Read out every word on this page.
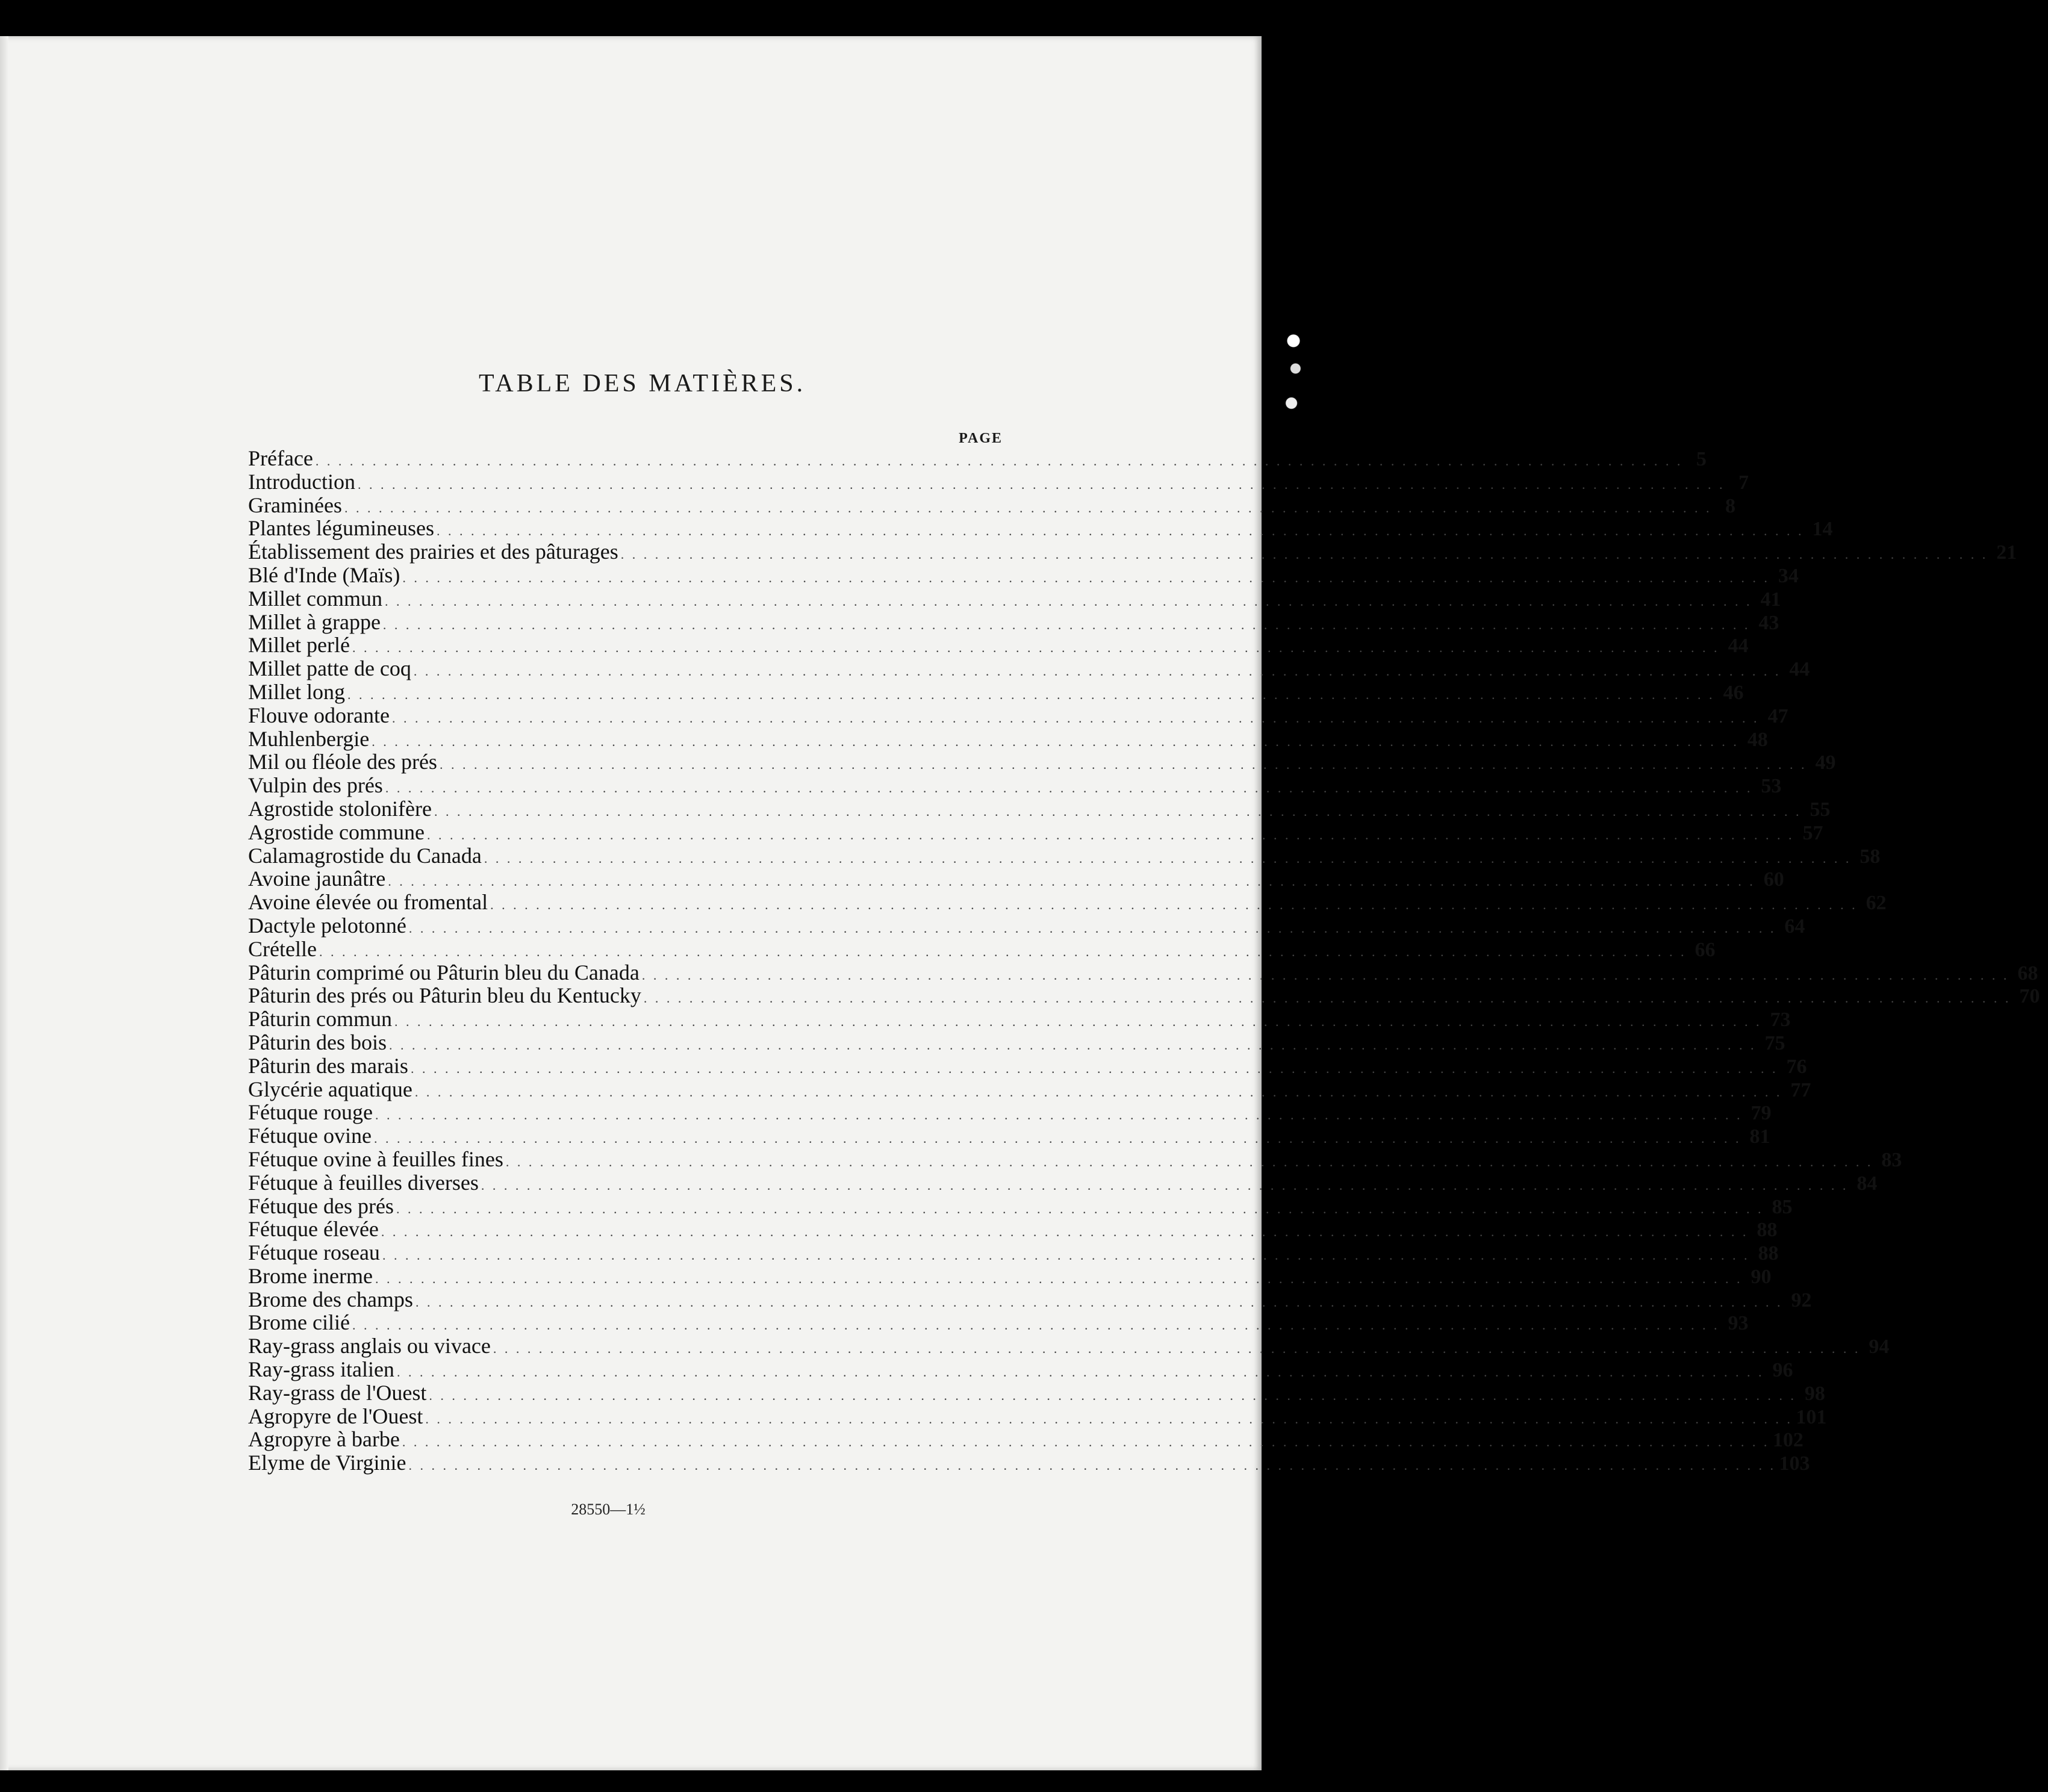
TABLE DES MATIÈRES.
PAGE
Préface . . . . . . . . . . . . . . . . . . . . . . . . . . . . . . . . . . . . . . . . . . . . . . . . . . . . . . . . . . . . . . . . . . . . . . . . . . . . . . . . . . . . . . . . . . . . . . . . . . . . . . . . . . . . . . . . . . . . . . . . 5
Introduction . . . . . . . . . . . . . . . . . . . . . . . . . . . . . . . . . . . . . . . . . . . . . . . . . . . . . . . . . . . . . . . . . . . . . . . . . . . . . . . . . . . . . . . . . . . . . . . . . . . . . . . . . . . . . . . . . . . . . . . . 7
Graminées . . . . . . . . . . . . . . . . . . . . . . . . . . . . . . . . . . . . . . . . . . . . . . . . . . . . . . . . . . . . . . . . . . . . . . . . . . . . . . . . . . . . . . . . . . . . . . . . . . . . . . . . . . . . . . . . . . . . . . . . 8
Plantes légumineuses . . . . . . . . . . . . . . . . . . . . . . . . . . . . . . . . . . . . . . . . . . . . . . . . . . . . . . . . . . . . . . . . . . . . . . . . . . . . . . . . . . . . . . . . . . . . . . . . . . . . . . . . . . . . . . . . . . . . . . . . 14
Établissement des prairies et des pâturages . . . . . . . . . . . . . . . . . . . . . . . . . . . . . . . . . . . . . . . . . . . . . . . . . . . . . . . . . . . . . . . . . . . . . . . . . . . . . . . . . . . . . . . . . . . . . . . . . . . . . . . . . . . . . . . . . . . . . . . . 21
Blé d'Inde (Maïs) . . . . . . . . . . . . . . . . . . . . . . . . . . . . . . . . . . . . . . . . . . . . . . . . . . . . . . . . . . . . . . . . . . . . . . . . . . . . . . . . . . . . . . . . . . . . . . . . . . . . . . . . . . . . . . . . . . . . . . . . 34
Millet commun . . . . . . . . . . . . . . . . . . . . . . . . . . . . . . . . . . . . . . . . . . . . . . . . . . . . . . . . . . . . . . . . . . . . . . . . . . . . . . . . . . . . . . . . . . . . . . . . . . . . . . . . . . . . . . . . . . . . . . . . 41
Millet à grappe . . . . . . . . . . . . . . . . . . . . . . . . . . . . . . . . . . . . . . . . . . . . . . . . . . . . . . . . . . . . . . . . . . . . . . . . . . . . . . . . . . . . . . . . . . . . . . . . . . . . . . . . . . . . . . . . . . . . . . . . 43
Millet perlé . . . . . . . . . . . . . . . . . . . . . . . . . . . . . . . . . . . . . . . . . . . . . . . . . . . . . . . . . . . . . . . . . . . . . . . . . . . . . . . . . . . . . . . . . . . . . . . . . . . . . . . . . . . . . . . . . . . . . . . . 44
Millet patte de coq . . . . . . . . . . . . . . . . . . . . . . . . . . . . . . . . . . . . . . . . . . . . . . . . . . . . . . . . . . . . . . . . . . . . . . . . . . . . . . . . . . . . . . . . . . . . . . . . . . . . . . . . . . . . . . . . . . . . . . . . 44
Millet long . . . . . . . . . . . . . . . . . . . . . . . . . . . . . . . . . . . . . . . . . . . . . . . . . . . . . . . . . . . . . . . . . . . . . . . . . . . . . . . . . . . . . . . . . . . . . . . . . . . . . . . . . . . . . . . . . . . . . . . . 46
Flouve odorante . . . . . . . . . . . . . . . . . . . . . . . . . . . . . . . . . . . . . . . . . . . . . . . . . . . . . . . . . . . . . . . . . . . . . . . . . . . . . . . . . . . . . . . . . . . . . . . . . . . . . . . . . . . . . . . . . . . . . . . . 47
Muhlenbergie . . . . . . . . . . . . . . . . . . . . . . . . . . . . . . . . . . . . . . . . . . . . . . . . . . . . . . . . . . . . . . . . . . . . . . . . . . . . . . . . . . . . . . . . . . . . . . . . . . . . . . . . . . . . . . . . . . . . . . . . 48
Mil ou fléole des prés . . . . . . . . . . . . . . . . . . . . . . . . . . . . . . . . . . . . . . . . . . . . . . . . . . . . . . . . . . . . . . . . . . . . . . . . . . . . . . . . . . . . . . . . . . . . . . . . . . . . . . . . . . . . . . . . . . . . . . . . 49
Vulpin des prés . . . . . . . . . . . . . . . . . . . . . . . . . . . . . . . . . . . . . . . . . . . . . . . . . . . . . . . . . . . . . . . . . . . . . . . . . . . . . . . . . . . . . . . . . . . . . . . . . . . . . . . . . . . . . . . . . . . . . . . . 53
Agrostide stolonifère . . . . . . . . . . . . . . . . . . . . . . . . . . . . . . . . . . . . . . . . . . . . . . . . . . . . . . . . . . . . . . . . . . . . . . . . . . . . . . . . . . . . . . . . . . . . . . . . . . . . . . . . . . . . . . . . . . . . . . . . 55
Agrostide commune . . . . . . . . . . . . . . . . . . . . . . . . . . . . . . . . . . . . . . . . . . . . . . . . . . . . . . . . . . . . . . . . . . . . . . . . . . . . . . . . . . . . . . . . . . . . . . . . . . . . . . . . . . . . . . . . . . . . . . . . 57
Calamagrostide du Canada . . . . . . . . . . . . . . . . . . . . . . . . . . . . . . . . . . . . . . . . . . . . . . . . . . . . . . . . . . . . . . . . . . . . . . . . . . . . . . . . . . . . . . . . . . . . . . . . . . . . . . . . . . . . . . . . . . . . . . . . 58
Avoine jaunâtre . . . . . . . . . . . . . . . . . . . . . . . . . . . . . . . . . . . . . . . . . . . . . . . . . . . . . . . . . . . . . . . . . . . . . . . . . . . . . . . . . . . . . . . . . . . . . . . . . . . . . . . . . . . . . . . . . . . . . . . . 60
Avoine élevée ou fromental . . . . . . . . . . . . . . . . . . . . . . . . . . . . . . . . . . . . . . . . . . . . . . . . . . . . . . . . . . . . . . . . . . . . . . . . . . . . . . . . . . . . . . . . . . . . . . . . . . . . . . . . . . . . . . . . . . . . . . . . 62
Dactyle pelotonné . . . . . . . . . . . . . . . . . . . . . . . . . . . . . . . . . . . . . . . . . . . . . . . . . . . . . . . . . . . . . . . . . . . . . . . . . . . . . . . . . . . . . . . . . . . . . . . . . . . . . . . . . . . . . . . . . . . . . . . . 64
Crételle . . . . . . . . . . . . . . . . . . . . . . . . . . . . . . . . . . . . . . . . . . . . . . . . . . . . . . . . . . . . . . . . . . . . . . . . . . . . . . . . . . . . . . . . . . . . . . . . . . . . . . . . . . . . . . . . . . . . . . . . 66
Pâturin comprimé ou Pâturin bleu du Canada . . . . . . . . . . . . . . . . . . . . . . . . . . . . . . . . . . . . . . . . . . . . . . . . . . . . . . . . . . . . . . . . . . . . . . . . . . . . . . . . . . . . . . . . . . . . . . . . . . . . . . . . . . . . . . . . . . . . . . . . 68
Pâturin des prés ou Pâturin bleu du Kentucky . . . . . . . . . . . . . . . . . . . . . . . . . . . . . . . . . . . . . . . . . . . . . . . . . . . . . . . . . . . . . . . . . . . . . . . . . . . . . . . . . . . . . . . . . . . . . . . . . . . . . . . . . . . . . . . . . . . . . . . . 70
Pâturin commun . . . . . . . . . . . . . . . . . . . . . . . . . . . . . . . . . . . . . . . . . . . . . . . . . . . . . . . . . . . . . . . . . . . . . . . . . . . . . . . . . . . . . . . . . . . . . . . . . . . . . . . . . . . . . . . . . . . . . . . . 73
Pâturin des bois . . . . . . . . . . . . . . . . . . . . . . . . . . . . . . . . . . . . . . . . . . . . . . . . . . . . . . . . . . . . . . . . . . . . . . . . . . . . . . . . . . . . . . . . . . . . . . . . . . . . . . . . . . . . . . . . . . . . . . . . 75
Pâturin des marais . . . . . . . . . . . . . . . . . . . . . . . . . . . . . . . . . . . . . . . . . . . . . . . . . . . . . . . . . . . . . . . . . . . . . . . . . . . . . . . . . . . . . . . . . . . . . . . . . . . . . . . . . . . . . . . . . . . . . . . . 76
Glycérie aquatique . . . . . . . . . . . . . . . . . . . . . . . . . . . . . . . . . . . . . . . . . . . . . . . . . . . . . . . . . . . . . . . . . . . . . . . . . . . . . . . . . . . . . . . . . . . . . . . . . . . . . . . . . . . . . . . . . . . . . . . . 77
Fétuque rouge . . . . . . . . . . . . . . . . . . . . . . . . . . . . . . . . . . . . . . . . . . . . . . . . . . . . . . . . . . . . . . . . . . . . . . . . . . . . . . . . . . . . . . . . . . . . . . . . . . . . . . . . . . . . . . . . . . . . . . . . 79
Fétuque ovine . . . . . . . . . . . . . . . . . . . . . . . . . . . . . . . . . . . . . . . . . . . . . . . . . . . . . . . . . . . . . . . . . . . . . . . . . . . . . . . . . . . . . . . . . . . . . . . . . . . . . . . . . . . . . . . . . . . . . . . . 81
Fétuque ovine à feuilles fines . . . . . . . . . . . . . . . . . . . . . . . . . . . . . . . . . . . . . . . . . . . . . . . . . . . . . . . . . . . . . . . . . . . . . . . . . . . . . . . . . . . . . . . . . . . . . . . . . . . . . . . . . . . . . . . . . . . . . . . . 83
Fétuque à feuilles diverses . . . . . . . . . . . . . . . . . . . . . . . . . . . . . . . . . . . . . . . . . . . . . . . . . . . . . . . . . . . . . . . . . . . . . . . . . . . . . . . . . . . . . . . . . . . . . . . . . . . . . . . . . . . . . . . . . . . . . . . . 84
Fétuque des prés . . . . . . . . . . . . . . . . . . . . . . . . . . . . . . . . . . . . . . . . . . . . . . . . . . . . . . . . . . . . . . . . . . . . . . . . . . . . . . . . . . . . . . . . . . . . . . . . . . . . . . . . . . . . . . . . . . . . . . . . 85
Fétuque élevée . . . . . . . . . . . . . . . . . . . . . . . . . . . . . . . . . . . . . . . . . . . . . . . . . . . . . . . . . . . . . . . . . . . . . . . . . . . . . . . . . . . . . . . . . . . . . . . . . . . . . . . . . . . . . . . . . . . . . . . . 88
Fétuque roseau . . . . . . . . . . . . . . . . . . . . . . . . . . . . . . . . . . . . . . . . . . . . . . . . . . . . . . . . . . . . . . . . . . . . . . . . . . . . . . . . . . . . . . . . . . . . . . . . . . . . . . . . . . . . . . . . . . . . . . . . 88
Brome inerme . . . . . . . . . . . . . . . . . . . . . . . . . . . . . . . . . . . . . . . . . . . . . . . . . . . . . . . . . . . . . . . . . . . . . . . . . . . . . . . . . . . . . . . . . . . . . . . . . . . . . . . . . . . . . . . . . . . . . . . . 90
Brome des champs . . . . . . . . . . . . . . . . . . . . . . . . . . . . . . . . . . . . . . . . . . . . . . . . . . . . . . . . . . . . . . . . . . . . . . . . . . . . . . . . . . . . . . . . . . . . . . . . . . . . . . . . . . . . . . . . . . . . . . . . 92
Brome cilié . . . . . . . . . . . . . . . . . . . . . . . . . . . . . . . . . . . . . . . . . . . . . . . . . . . . . . . . . . . . . . . . . . . . . . . . . . . . . . . . . . . . . . . . . . . . . . . . . . . . . . . . . . . . . . . . . . . . . . . . 93
Ray-grass anglais ou vivace . . . . . . . . . . . . . . . . . . . . . . . . . . . . . . . . . . . . . . . . . . . . . . . . . . . . . . . . . . . . . . . . . . . . . . . . . . . . . . . . . . . . . . . . . . . . . . . . . . . . . . . . . . . . . . . . . . . . . . . . 94
Ray-grass italien . . . . . . . . . . . . . . . . . . . . . . . . . . . . . . . . . . . . . . . . . . . . . . . . . . . . . . . . . . . . . . . . . . . . . . . . . . . . . . . . . . . . . . . . . . . . . . . . . . . . . . . . . . . . . . . . . . . . . . . . 96
Ray-grass de l'Ouest . . . . . . . . . . . . . . . . . . . . . . . . . . . . . . . . . . . . . . . . . . . . . . . . . . . . . . . . . . . . . . . . . . . . . . . . . . . . . . . . . . . . . . . . . . . . . . . . . . . . . . . . . . . . . . . . . . . . . . . . 98
Agropyre de l'Ouest . . . . . . . . . . . . . . . . . . . . . . . . . . . . . . . . . . . . . . . . . . . . . . . . . . . . . . . . . . . . . . . . . . . . . . . . . . . . . . . . . . . . . . . . . . . . . . . . . . . . . . . . . . . . . . . . . . . . . . . . 101
Agropyre à barbe . . . . . . . . . . . . . . . . . . . . . . . . . . . . . . . . . . . . . . . . . . . . . . . . . . . . . . . . . . . . . . . . . . . . . . . . . . . . . . . . . . . . . . . . . . . . . . . . . . . . . . . . . . . . . . . . . . . . . . . . 102
Elyme de Virginie . . . . . . . . . . . . . . . . . . . . . . . . . . . . . . . . . . . . . . . . . . . . . . . . . . . . . . . . . . . . . . . . . . . . . . . . . . . . . . . . . . . . . . . . . . . . . . . . . . . . . . . . . . . . . . . . . . . . . . . . 103
28550—1½
